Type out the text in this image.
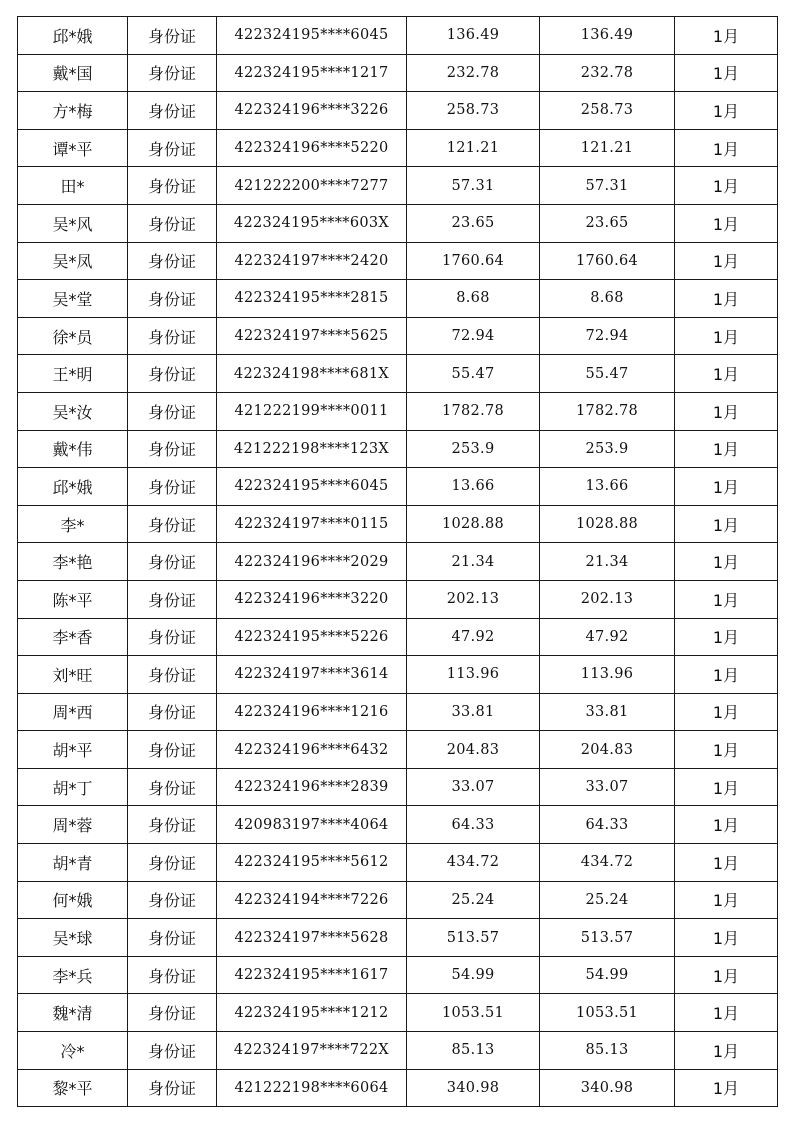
邱*娥	身份证	422324195****6045	136.49	136.49	1月
戴*国	身份证	422324195****1217	232.78	232.78	1月
方*梅	身份证	422324196****3226	258.73	258.73	1月
谭*平	身份证	422324196****5220	121.21	121.21	1月
田*	身份证	421222200****7277	57.31	57.31	1月
吴*风	身份证	422324195****603X	23.65	23.65	1月
吴*凤	身份证	422324197****2420	1760.64	1760.64	1月
吴*堂	身份证	422324195****2815	8.68	8.68	1月
徐*员	身份证	422324197****5625	72.94	72.94	1月
王*明	身份证	422324198****681X	55.47	55.47	1月
吴*汝	身份证	421222199****0011	1782.78	1782.78	1月
戴*伟	身份证	421222198****123X	253.9	253.9	1月
邱*娥	身份证	422324195****6045	13.66	13.66	1月
李*	身份证	422324197****0115	1028.88	1028.88	1月
李*艳	身份证	422324196****2029	21.34	21.34	1月
陈*平	身份证	422324196****3220	202.13	202.13	1月
李*香	身份证	422324195****5226	47.92	47.92	1月
刘*旺	身份证	422324197****3614	113.96	113.96	1月
周*西	身份证	422324196****1216	33.81	33.81	1月
胡*平	身份证	422324196****6432	204.83	204.83	1月
胡*丁	身份证	422324196****2839	33.07	33.07	1月
周*蓉	身份证	420983197****4064	64.33	64.33	1月
胡*青	身份证	422324195****5612	434.72	434.72	1月
何*娥	身份证	422324194****7226	25.24	25.24	1月
吴*球	身份证	422324197****5628	513.57	513.57	1月
李*兵	身份证	422324195****1617	54.99	54.99	1月
魏*清	身份证	422324195****1212	1053.51	1053.51	1月
冷*	身份证	422324197****722X	85.13	85.13	1月
黎*平	身份证	421222198****6064	340.98	340.98	1月
